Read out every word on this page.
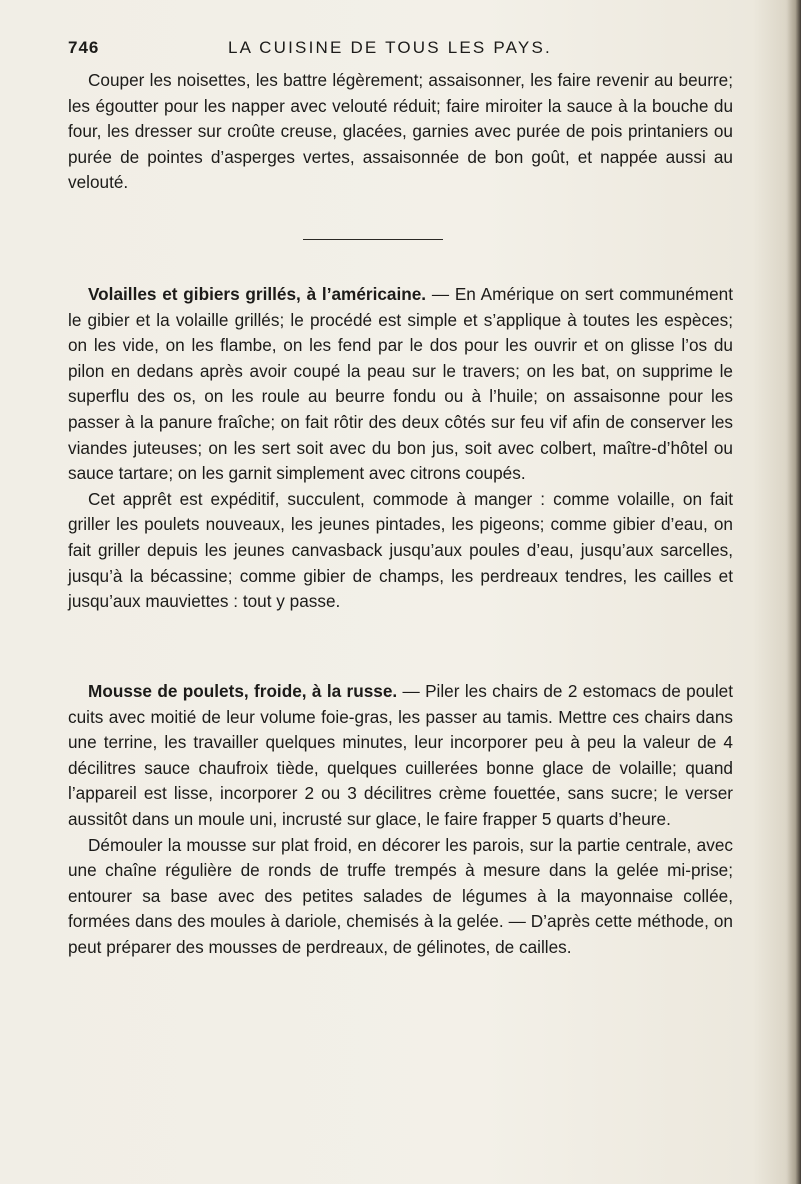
746	LA CUISINE DE TOUS LES PAYS.

Couper les noisettes, les battre légèrement; assaisonner, les faire revenir au beurre; les égoutter pour les napper avec velouté réduit; faire miroiter la sauce à la bouche du four, les dresser sur croûte creuse, glacées, garnies avec purée de pois printaniers ou purée de pointes d’asperges vertes, assaisonnée de bon goût, et nappée aussi au velouté.

Volailles et gibiers grillés, à l’américaine. — En Amérique on sert communément le gibier et la volaille grillés; le procédé est simple et s’applique à toutes les espèces; on les vide, on les flambe, on les fend par le dos pour les ouvrir et on glisse l’os du pilon en dedans après avoir coupé la peau sur le travers; on les bat, on supprime le superflu des os, on les roule au beurre fondu ou à l’huile; on assaisonne pour les passer à la panure fraîche; on fait rôtir des deux côtés sur feu vif afin de conserver les viandes juteuses; on les sert soit avec du bon jus, soit avec colbert, maître-d’hôtel ou sauce tartare; on les garnit simplement avec citrons coupés.

Cet apprêt est expéditif, succulent, commode à manger : comme volaille, on fait griller les poulets nouveaux, les jeunes pintades, les pigeons; comme gibier d’eau, on fait griller depuis les jeunes canvasback jusqu’aux poules d’eau, jusqu’aux sarcelles, jusqu’à la bécassine; comme gibier de champs, les perdreaux tendres, les cailles et jusqu’aux mauviettes : tout y passe.

Mousse de poulets, froide, à la russe. — Piler les chairs de 2 estomacs de poulet cuits avec moitié de leur volume foie-gras, les passer au tamis. Mettre ces chairs dans une terrine, les travailler quelques minutes, leur incorporer peu à peu la valeur de 4 décilitres sauce chaufroix tiède, quelques cuillerées bonne glace de volaille; quand l’appareil est lisse, incorporer 2 ou 3 décilitres crème fouettée, sans sucre; le verser aussitôt dans un moule uni, incrusté sur glace, le faire frapper 5 quarts d’heure.

Démouler la mousse sur plat froid, en décorer les parois, sur la partie centrale, avec une chaîne régulière de ronds de truffe trempés à mesure dans la gelée mi-prise; entourer sa base avec des petites salades de légumes à la mayonnaise collée, formées dans des moules à dariole, chemisés à la gelée. — D’après cette méthode, on peut préparer des mousses de perdreaux, de gélinotes, de cailles.
